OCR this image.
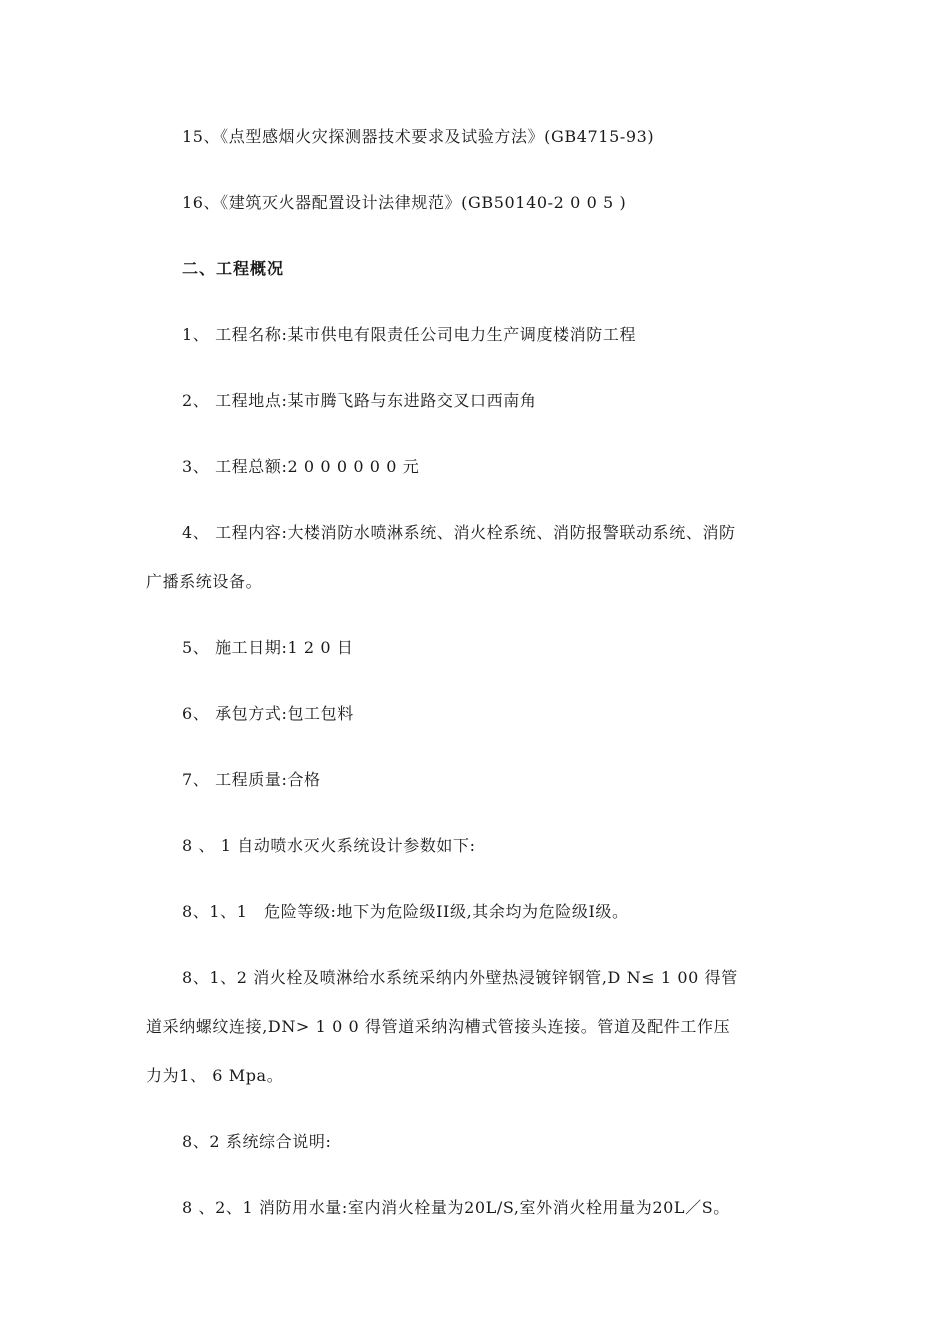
15、《点型感烟火灾探测器技术要求及试验方法》(GB4715-93)
16、《建筑灭火器配置设计法律规范》(GB50140-2 0 0 5 )
二、工程概况
1、 工程名称:某市供电有限责任公司电力生产调度楼消防工程
2、 工程地点:某市腾飞路与东进路交叉口西南角
3、 工程总额:2 0 0 0 0 0 0 元
4、 工程内容:大楼消防水喷淋系统、消火栓系统、消防报警联动系统、消防
广播系统设备。
5、 施工日期:1 2 0 日
6、 承包方式:包工包料
7、 工程质量:合格
8 、 1 自动喷水灭火系统设计参数如下:
8、1、1　危险等级:地下为危险级II级,其余均为危险级I级。
8、1、2 消火栓及喷淋给水系统采纳内外壁热浸镀锌钢管,D N≤ 1 00 得管
道采纳螺纹连接,DN> 1 0 0 得管道采纳沟槽式管接头连接。管道及配件工作压
力为1、 6 Mpa。
8、2 系统综合说明:
8 、2、1 消防用水量:室内消火栓量为20L/S,室外消火栓用量为20L／S。
